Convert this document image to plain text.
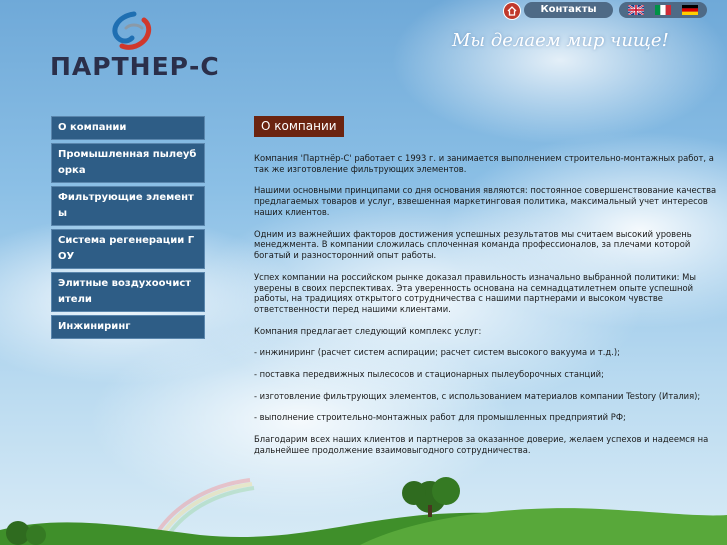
ПАРТНЕР-С
Мы делаем мир чище!
Контакты
О компании
Промышленная пылеуборка
Фильтрующие элементы
Система регенерации ГОУ
Элитные воздухоочистители
Инжиниринг
О компании

Компания 'Партнёр-С' работает с 1993 г. и занимается выполнением строительно-монтажных работ, а так же изготовление фильтрующих элементов.

Нашими основными принципами со дня основания являются: постоянное совершенствование качества предлагаемых товаров и услуг, взвешенная маркетинговая политика, максимальный учет интересов наших клиентов.

Одним из важнейших факторов достижения успешных результатов мы считаем высокий уровень менеджмента. В компании сложилась сплоченная команда профессионалов, за плечами которой богатый и разносторонний опыт работы.

Успех компании на российском рынке доказал правильность изначально выбранной политики: Мы уверены в своих перспективах. Эта уверенность основана на семнадцатилетнем опыте успешной работы, на традициях открытого сотрудничества с нашими партнерами и высоком чувстве ответственности перед нашими клиентами.

Компания предлагает следующий комплекс услуг:

- инжиниринг (расчет систем аспирации; расчет систем высокого вакуума и т.д.);

- поставка передвижных пылесосов и стационарных пылеуборочных станций;

- изготовление фильтрующих элементов, с использованием материалов компании Testory (Италия);

- выполнение строительно-монтажных работ для промышленных предприятий РФ;

Благодарим всех наших клиентов и партнеров за оказанное доверие, желаем успехов и надеемся на дальнейшее продолжение взаимовыгодного сотрудничества.
